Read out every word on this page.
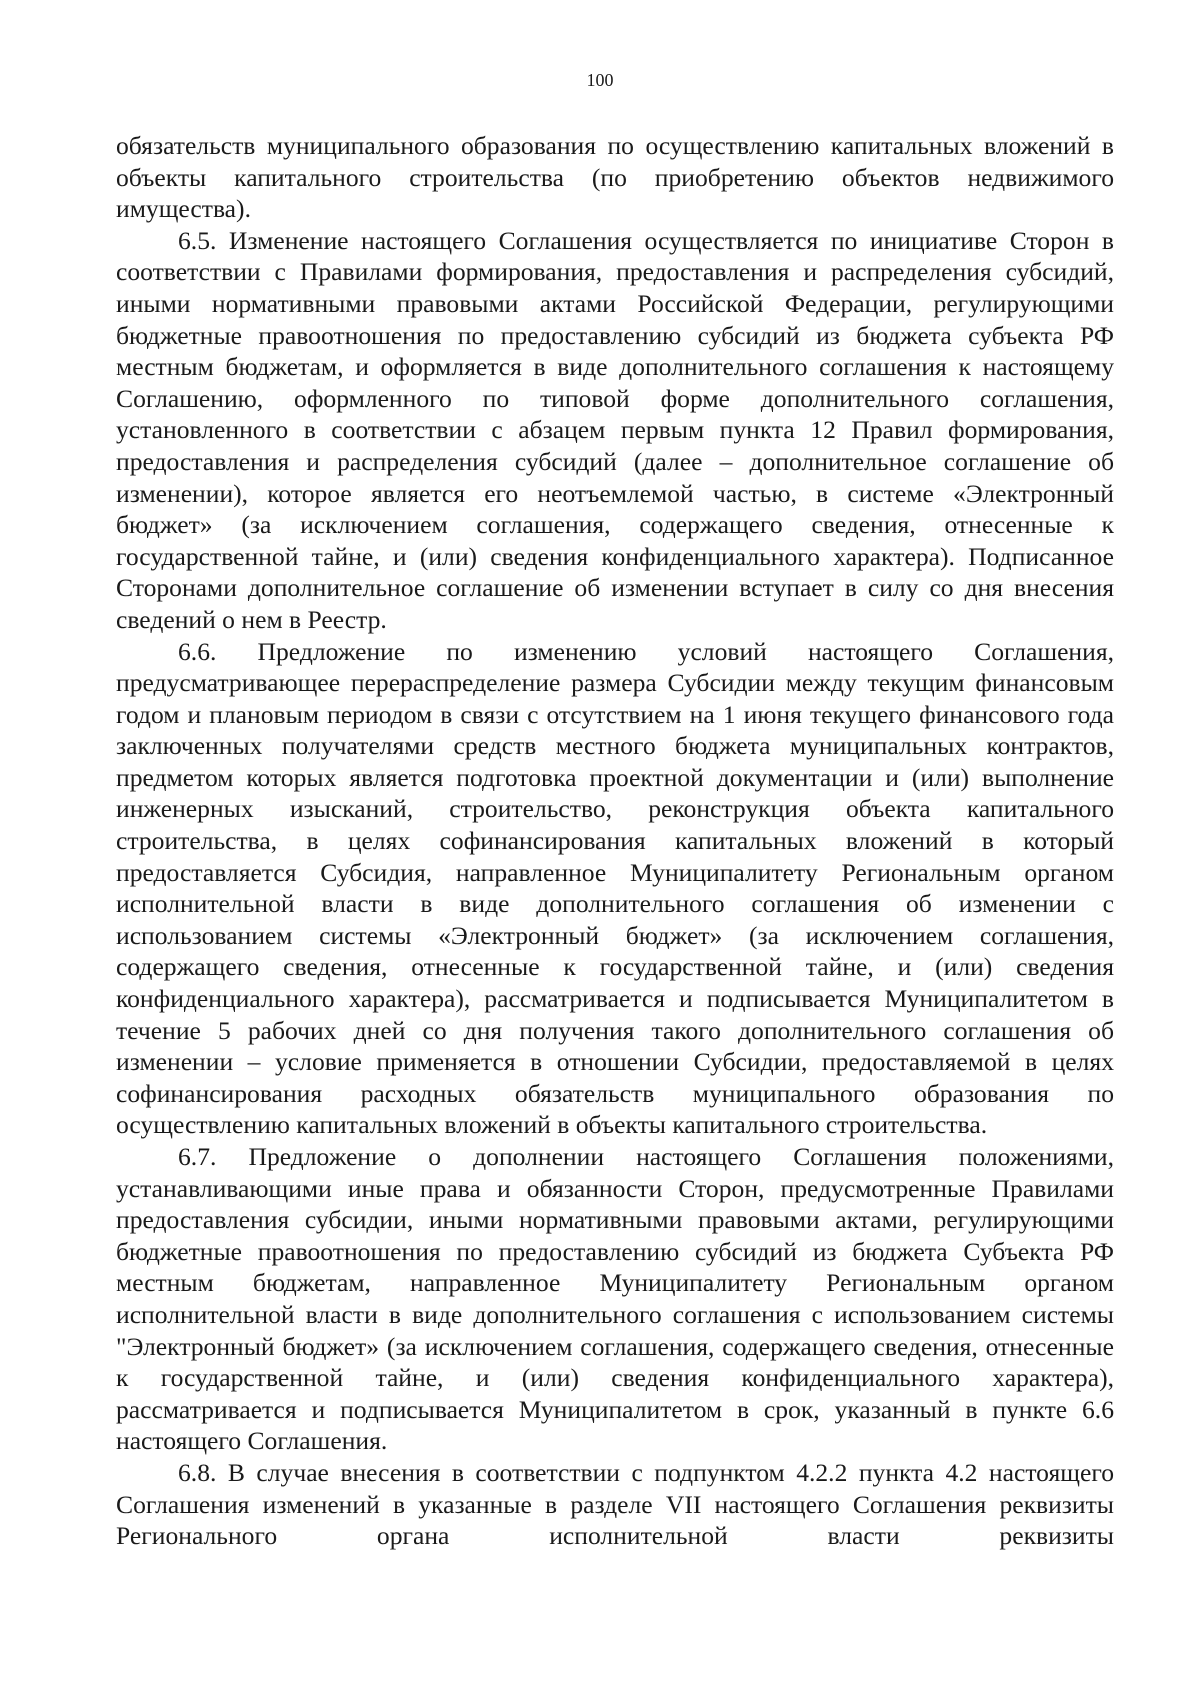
100

обязательств муниципального образования по осуществлению капитальных вложений в объекты капитального строительства (по приобретению объектов недвижимого имущества).

6.5. Изменение настоящего Соглашения осуществляется по инициативе Сторон в соответствии с Правилами формирования, предоставления и распределения субсидий, иными нормативными правовыми актами Российской Федерации, регулирующими бюджетные правоотношения по предоставлению субсидий из бюджета субъекта РФ местным бюджетам, и оформляется в виде дополнительного соглашения к настоящему Соглашению, оформленного по типовой форме дополнительного соглашения, установленного в соответствии с абзацем первым пункта 12 Правил формирования, предоставления и распределения субсидий (далее – дополнительное соглашение об изменении), которое является его неотъемлемой частью, в системе «Электронный бюджет» (за исключением соглашения, содержащего сведения, отнесенные к государственной тайне, и (или) сведения конфиденциального характера). Подписанное Сторонами дополнительное соглашение об изменении вступает в силу со дня внесения сведений о нем в Реестр.

6.6. Предложение по изменению условий настоящего Соглашения, предусматривающее перераспределение размера Субсидии между текущим финансовым годом и плановым периодом в связи с отсутствием на 1 июня текущего финансового года заключенных получателями средств местного бюджета муниципальных контрактов, предметом которых является подготовка проектной документации и (или) выполнение инженерных изысканий, строительство, реконструкция объекта капитального строительства, в целях софинансирования капитальных вложений в который предоставляется Субсидия, направленное Муниципалитету Региональным органом исполнительной власти в виде дополнительного соглашения об изменении с использованием системы «Электронный бюджет» (за исключением соглашения, содержащего сведения, отнесенные к государственной тайне, и (или) сведения конфиденциального характера), рассматривается и подписывается Муниципалитетом в течение 5 рабочих дней со дня получения такого дополнительного соглашения об изменении – условие применяется в отношении Субсидии, предоставляемой в целях софинансирования расходных обязательств муниципального образования по осуществлению капитальных вложений в объекты капитального строительства.

6.7. Предложение о дополнении настоящего Соглашения положениями, устанавливающими иные права и обязанности Сторон, предусмотренные Правилами предоставления субсидии, иными нормативными правовыми актами, регулирующими бюджетные правоотношения по предоставлению субсидий из бюджета Субъекта РФ местным бюджетам, направленное Муниципалитету Региональным органом исполнительной власти в виде дополнительного соглашения с использованием системы "Электронный бюджет» (за исключением соглашения, содержащего сведения, отнесенные к государственной тайне, и (или) сведения конфиденциального характера), рассматривается и подписывается Муниципалитетом в срок, указанный в пункте 6.6 настоящего Соглашения.

6.8. В случае внесения в соответствии с подпунктом 4.2.2 пункта 4.2 настоящего Соглашения изменений в указанные в разделе VII настоящего Соглашения реквизиты Регионального органа исполнительной власти реквизиты
